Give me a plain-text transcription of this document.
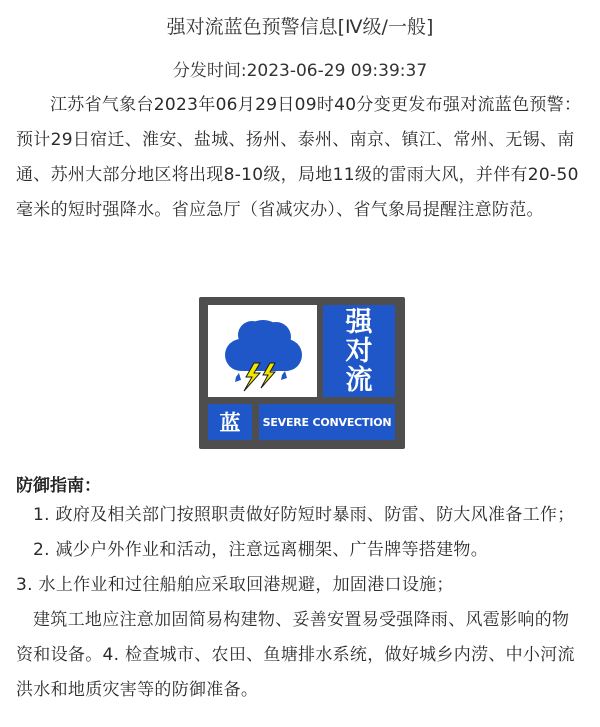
强对流蓝色预警信息[Ⅳ级/一般]
分发时间:2023-06-29 09:39:37
江苏省气象台2023年06月29日09时40分变更发布强对流蓝色预警：预计29日宿迁、淮安、盐城、扬州、泰州、南京、镇江、常州、无锡、南通、苏州大部分地区将出现8-10级，局地11级的雷雨大风，并伴有20-50毫米的短时强降水。省应急厅（省减灾办）、省气象局提醒注意防范。
强
对
流
蓝	SEVERE CONVECTION
防御指南：

1. 政府及相关部门按照职责做好防短时暴雨、防雷、防大风准备工作；

2. 减少户外作业和活动，注意远离棚架、广告牌等搭建物。

3. 水上作业和过往船舶应采取回港规避，加固港口设施；

建筑工地应注意加固简易构建物、妥善安置易受强降雨、风雹影响的物资和设备。4. 检查城市、农田、鱼塘排水系统，做好城乡内涝、中小河流洪水和地质灾害等的防御准备。
